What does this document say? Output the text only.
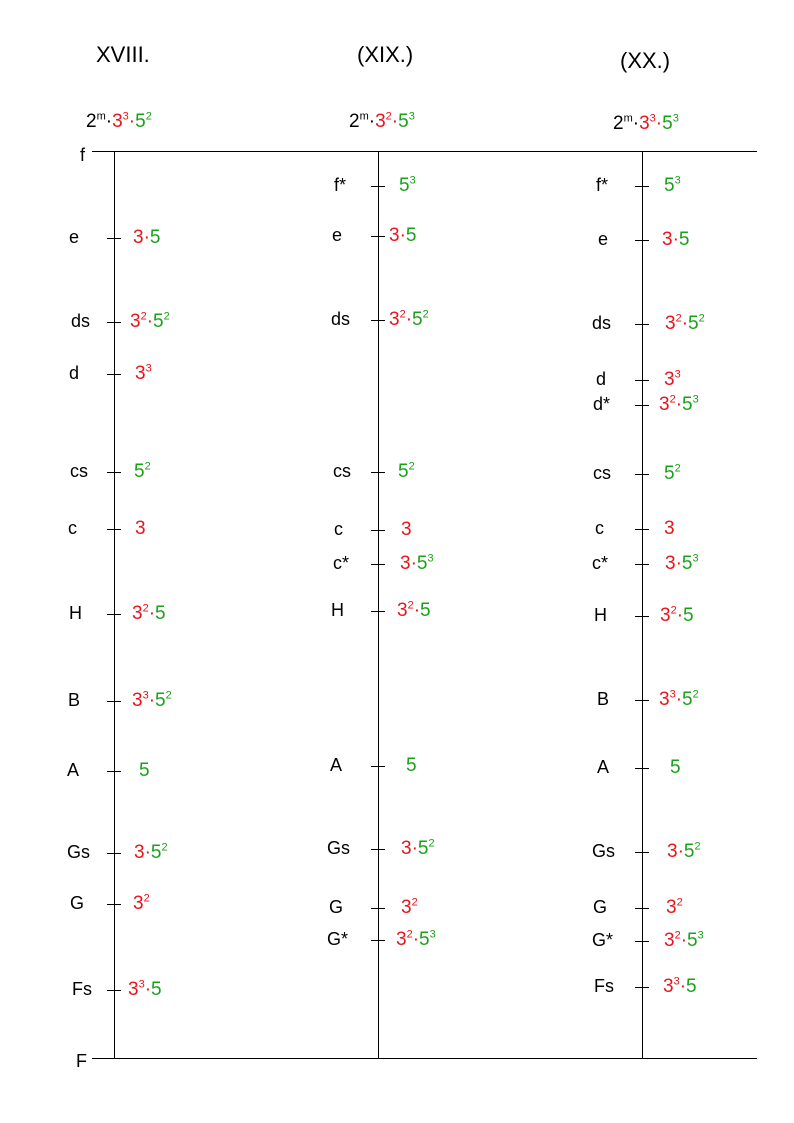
f
F
XVIII.
$2^m\cdot 3^3\cdot 5^2$
e	3·5
ds $3^2\cdot 5^2$
d	$3^3$
cs $5^2$
c	3
H	$3^2\cdot 5$
B	$3^3\cdot 5^2$
A	5
Gs $3\cdot 5^2$
G	$3^2$
Fs $3^3\cdot 5$
(XIX.)
$2^m\cdot 3^2\cdot 5^3$
f*	$5^3$
e 3·5
ds $3^2\cdot 5^2$
cs $5^2$
c	3
c*	$3\cdot 5^3$
H	$3^2\cdot 5$
A	5
Gs	$3\cdot 5^2$
G	$3^2$
G*	$3^2\cdot 5^3$
(XX.)
$2^m\cdot 3^3\cdot 5^3$
f*	$5^3$
e	3·5
ds	$3^2\cdot 5^2$
d	$3^3$
d*	$3^2\cdot 5^3$
cs	$5^2$
c	3
c*	$3\cdot 5^3$
H	$3^2\cdot 5$
B	$3^3\cdot 5^2$
A	5
Gs	$3\cdot 5^2$
G	$3^2$
G*	$3^2\cdot 5^3$
Fs	$3^3\cdot 5$
